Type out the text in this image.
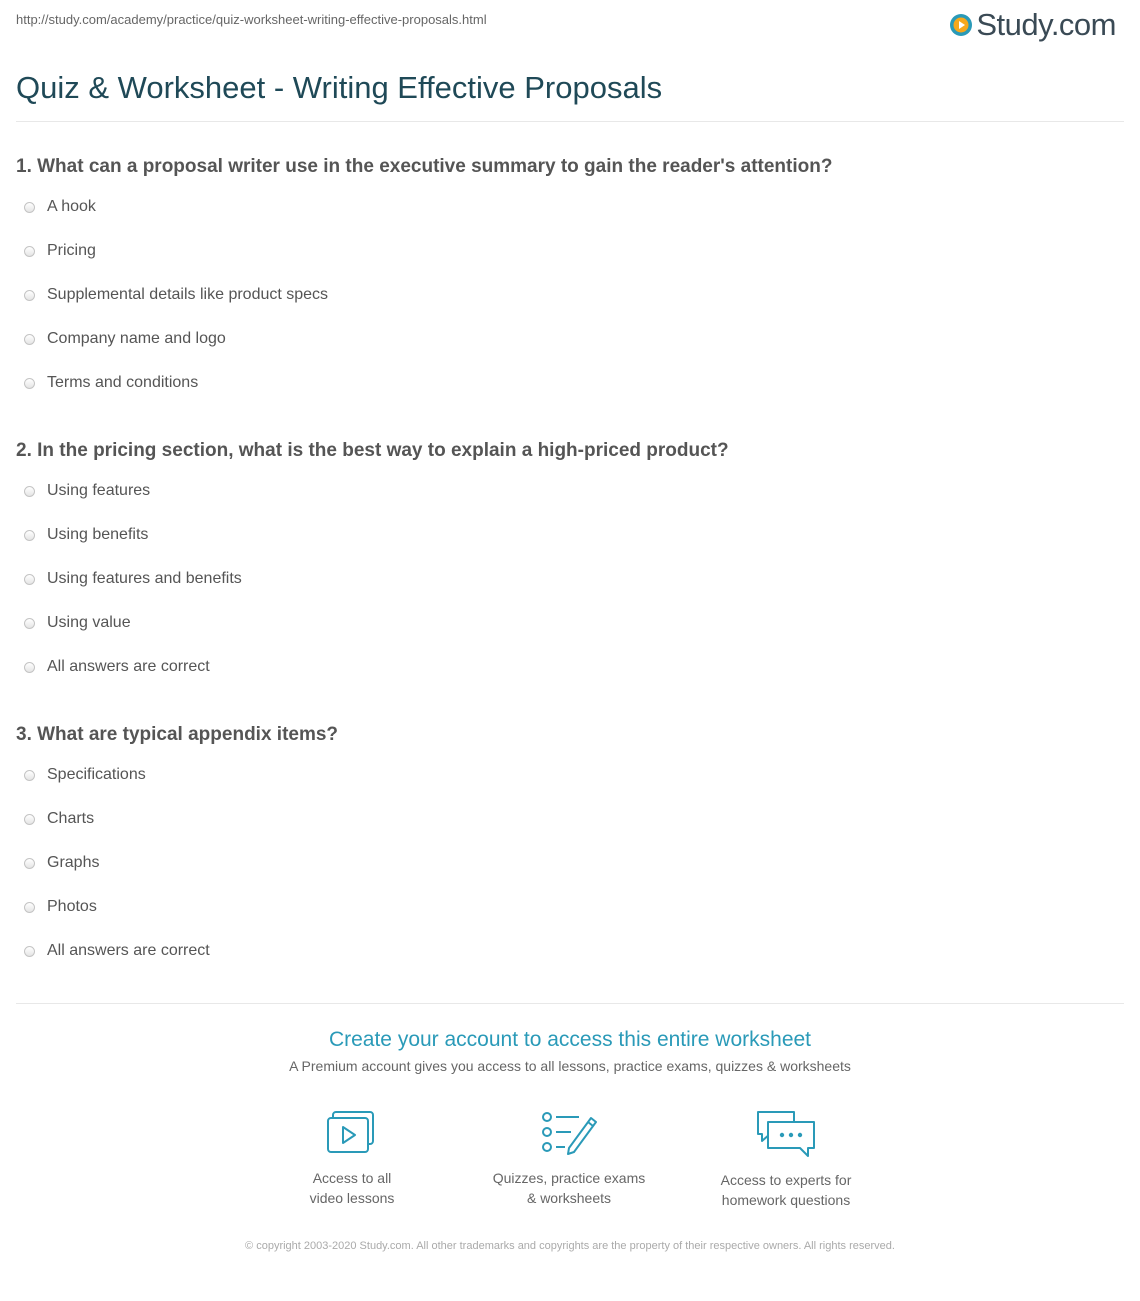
http://study.com/academy/practice/quiz-worksheet-writing-effective-proposals.html	Study.com
Quiz & Worksheet - Writing Effective Proposals
1. What can a proposal writer use in the executive summary to gain the reader's attention?
A hook
Pricing
Supplemental details like product specs
Company name and logo
Terms and conditions
2. In the pricing section, what is the best way to explain a high-priced product?
Using features
Using benefits
Using features and benefits
Using value
All answers are correct
3. What are typical appendix items?
Specifications
Charts
Graphs
Photos
All answers are correct
Create your account to access this entire worksheet
A Premium account gives you access to all lessons, practice exams, quizzes & worksheets
Access to all
video lessons
Quizzes, practice exams
& worksheets
Access to experts for
homework questions
© copyright 2003-2020 Study.com. All other trademarks and copyrights are the property of their respective owners. All rights reserved.
